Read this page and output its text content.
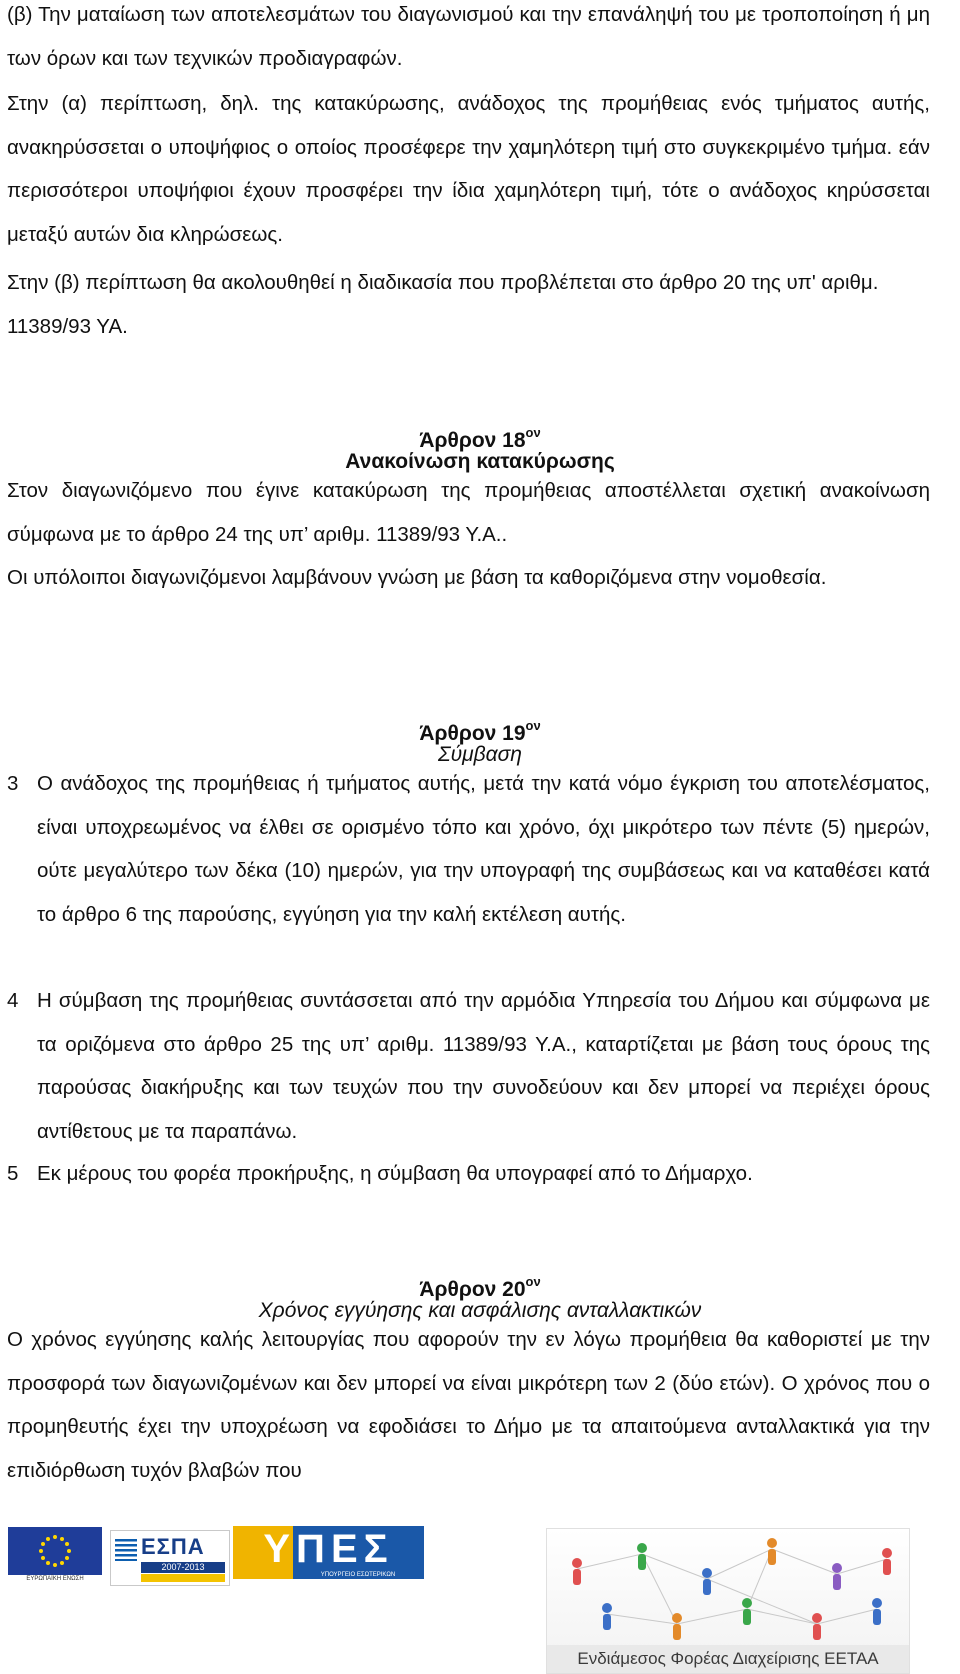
(β) Την ματαίωση των αποτελεσμάτων του διαγωνισμού και την επανάληψή του με τροποποίηση ή μη των όρων και των τεχνικών προδιαγραφών.

Στην (α) περίπτωση, δηλ. της κατακύρωσης, ανάδοχος της προμήθειας ενός τμήματος αυτής, ανακηρύσσεται ο υποψήφιος ο οποίος προσέφερε την χαμηλότερη τιμή στο συγκεκριμένο τμήμα. εάν περισσότεροι υποψήφιοι έχουν προσφέρει την ίδια χαμηλότερη τιμή, τότε ο ανάδοχος κηρύσσεται μεταξύ αυτών δια κληρώσεως.

Στην (β) περίπτωση θα ακολουθηθεί η διαδικασία που προβλέπεται στο άρθρο 20 της υπ' αριθμ. 11389/93 ΥΑ.

Άρθρον $18^{o\nu}$
Ανακοίνωση κατακύρωσης

Στον διαγωνιζόμενο που έγινε κατακύρωση της προμήθειας αποστέλλεται σχετική ανακοίνωση σύμφωνα με το άρθρο 24 της υπ’ αριθμ. 11389/93 Υ.Α..

Οι υπόλοιποι διαγωνιζόμενοι λαμβάνουν γνώση με βάση τα καθοριζόμενα στην νομοθεσία.

Άρθρον $19^{o\nu}$
Σύμβαση
3 Ο ανάδοχος της προμήθειας ή τμήματος αυτής, μετά την κατά νόμο έγκριση του αποτελέσματος, είναι υποχρεωμένος να έλθει σε ορισμένο τόπο και χρόνο, όχι μικρότερο των πέντε (5) ημερών, ούτε μεγαλύτερο των δέκα (10) ημερών, για την υπογραφή της συμβάσεως και να καταθέσει κατά το άρθρο 6 της παρούσης, εγγύηση για την καλή εκτέλεση αυτής.

4 Η σύμβαση της προμήθειας συντάσσεται από την αρμόδια Υπηρεσία του Δήμου και σύμφωνα με τα οριζόμενα στο άρθρο 25 της υπ’ αριθμ. 11389/93 Υ.Α., καταρτίζεται με βάση τους όρους της παρούσας διακήρυξης και των τευχών που την συνοδεύουν και δεν μπορεί να περιέχει όρους αντίθετους με τα παραπάνω.

5 Εκ μέρους του φορέα προκήρυξης, η σύμβαση θα υπογραφεί από το Δήμαρχο.

Άρθρον $20^{o\nu}$
Χρόνος εγγύησης και ασφάλισης ανταλλακτικών

Ο χρόνος εγγύησης καλής λειτουργίας που αφορούν την εν λόγω προμήθεια θα καθοριστεί με την προσφορά των διαγωνιζομένων και δεν μπορεί να είναι μικρότερη των 2 (δύο ετών). Ο χρόνος που ο προμηθευτής έχει την υποχρέωση να εφοδιάσει το Δήμο με τα απαιτούμενα ανταλλακτικά για την επιδιόρθωση τυχόν βλαβών που

ΕΥΡΩΠΑΪΚΗ ΕΝΩΣΗ
ΕΣΠΑ
2007-2013	ΥΠΕΣ
ΥΠΟΥΡΓΕΙΟ ΕΣΩΤΕΡΙΚΩΝ
Ενδιάμεσος Φορέας Διαχείρισης ΕΕΤΑΑ
